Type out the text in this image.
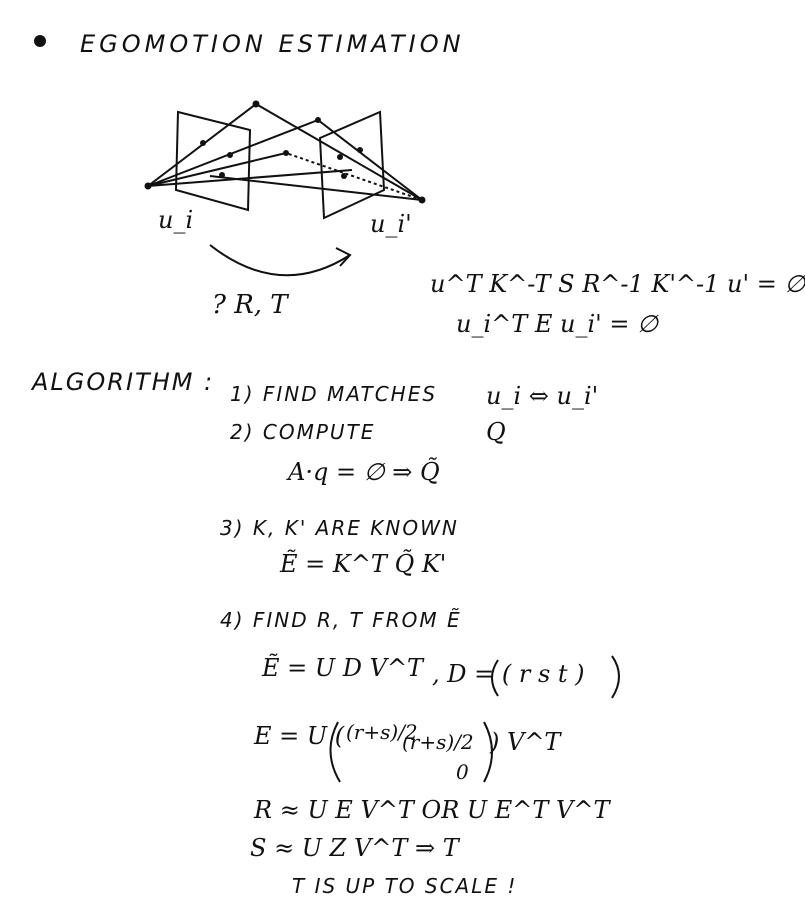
EGOMOTION ESTIMATION
u_i	u_i'
? R, T
u^T K^-T S R^-1 K'^-1 u' = ∅
u_i^T E u_i' = ∅
ALGORITHM : 1) FIND MATCHES u_i ⇔ u_i'
2) COMPUTE	Q
A·q = ∅ ⇒ Q̃
3) K, K' ARE KNOWN
Ẽ = K^T Q̃ K'
4) FIND R, T FROM Ẽ
Ẽ = U D V^T , D = ( r s t )
E = U ( (r+s)/2
(r+s)/2
0
) V^T
R ≈ U E V^T OR U E^T V^T
S ≈ U Z V^T ⇒ T
T IS UP TO SCALE !
